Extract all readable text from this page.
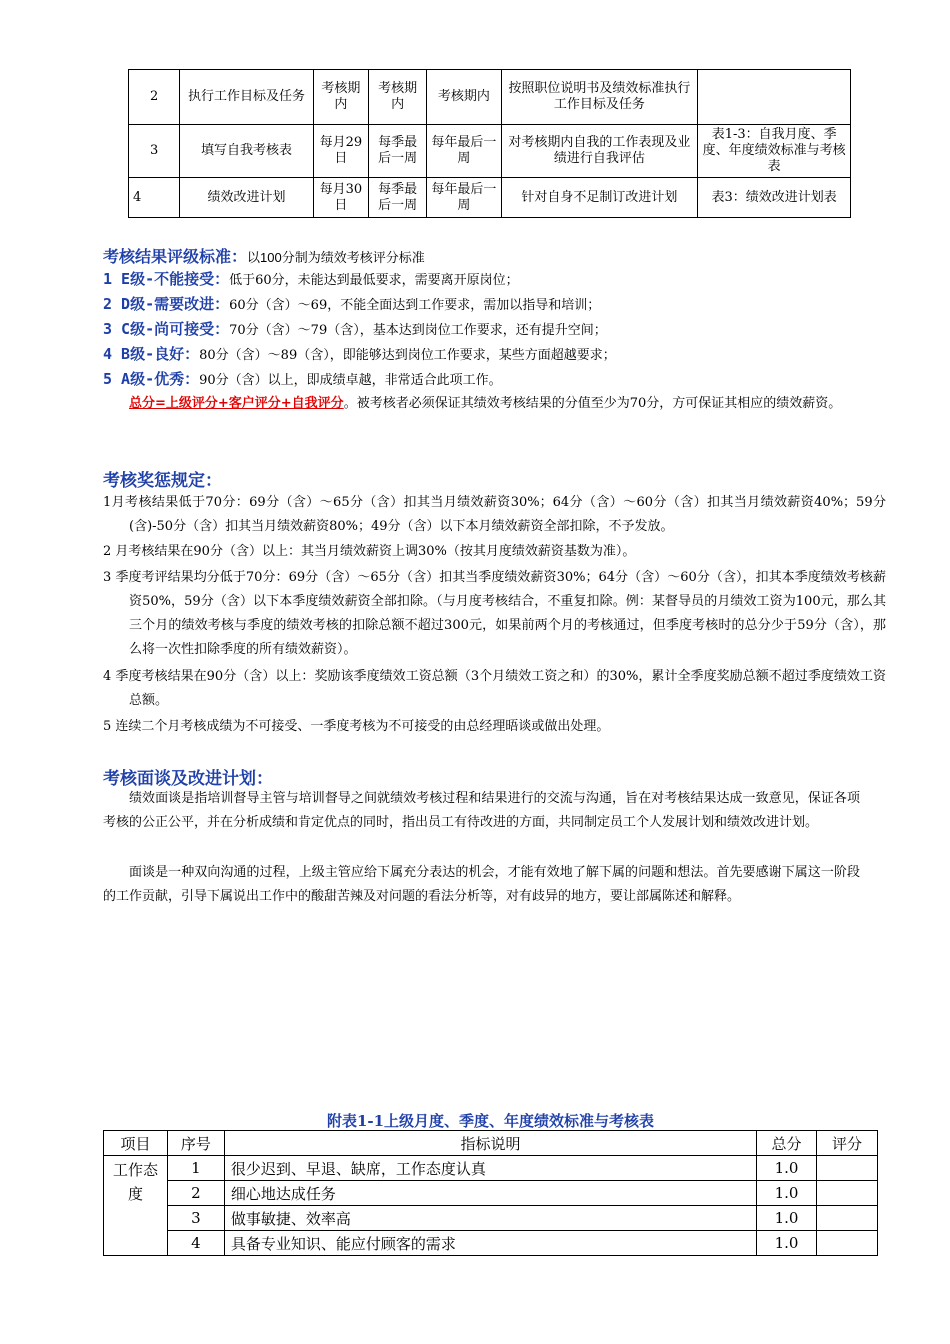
2	执行工作目标及任务	考核期内	考核期内	考核期内	按照职位说明书及绩效标准执行工作目标及任务	
3	填写自我考核表	每月29日	每季最后一周	每年最后一周	对考核期内自我的工作表现及业绩进行自我评估	表1-3：自我月度、季度、年度绩效标准与考核表
4	绩效改进计划	每月30日	每季最后一周	每年最后一周	针对自身不足制订改进计划	表3：绩效改进计划表
考核结果评级标准：以100分制为绩效考核评分标准
1 E级-不能接受：低于60分，未能达到最低要求，需要离开原岗位；
2 D级-需要改进：60分（含）～69，不能全面达到工作要求，需加以指导和培训；
3 C级-尚可接受：70分（含）～79（含），基本达到岗位工作要求，还有提升空间；
4 B级-良好：80分（含）～89（含），即能够达到岗位工作要求，某些方面超越要求；
5 A级-优秀：90分（含）以上，即成绩卓越，非常适合此项工作。
总分=上级评分+客户评分+自我评分。被考核者必须保证其绩效考核结果的分值至少为70分，方可保证其相应的绩效薪资。
考核奖惩规定：
1月考核结果低于70分：69分（含）～65分（含）扣其当月绩效薪资30%；64分（含）～60分（含）扣其当月绩效薪资40%；59分(含)-50分（含）扣其当月绩效薪资80%；49分（含）以下本月绩效薪资全部扣除，不予发放。
2 月考核结果在90分（含）以上：其当月绩效薪资上调30%（按其月度绩效薪资基数为准）。
3 季度考评结果均分低于70分：69分（含）～65分（含）扣其当季度绩效薪资30%；64分（含）～60分（含），扣其本季度绩效考核薪资50%，59分（含）以下本季度绩效薪资全部扣除。（与月度考核结合，不重复扣除。例：某督导员的月绩效工资为100元，那么其三个月的绩效考核与季度的绩效考核的扣除总额不超过300元，如果前两个月的考核通过，但季度考核时的总分少于59分（含），那么将一次性扣除季度的所有绩效薪资）。
4 季度考核结果在90分（含）以上：奖励该季度绩效工资总额（3个月绩效工资之和）的30%，累计全季度奖励总额不超过季度绩效工资总额。
5 连续二个月考核成绩为不可接受、一季度考核为不可接受的由总经理晤谈或做出处理。
考核面谈及改进计划：
绩效面谈是指培训督导主管与培训督导之间就绩效考核过程和结果进行的交流与沟通，旨在对考核结果达成一致意见，保证各项考核的公正公平，并在分析成绩和肯定优点的同时，指出员工有待改进的方面，共同制定员工个人发展计划和绩效改进计划。
面谈是一种双向沟通的过程，上级主管应给下属充分表达的机会，才能有效地了解下属的问题和想法。首先要感谢下属这一阶段的工作贡献，引导下属说出工作中的酸甜苦辣及对问题的看法分析等，对有歧异的地方，要让部属陈述和解释。
附表1-1上级月度、季度、年度绩效标准与考核表
项目	序号	指标说明	总分	评分
工作态度	1	很少迟到、早退、缺席，工作态度认真	1.0	
	2	细心地达成任务	1.0	
	3	做事敏捷、效率高	1.0	
	4	具备专业知识、能应付顾客的需求	1.0	
